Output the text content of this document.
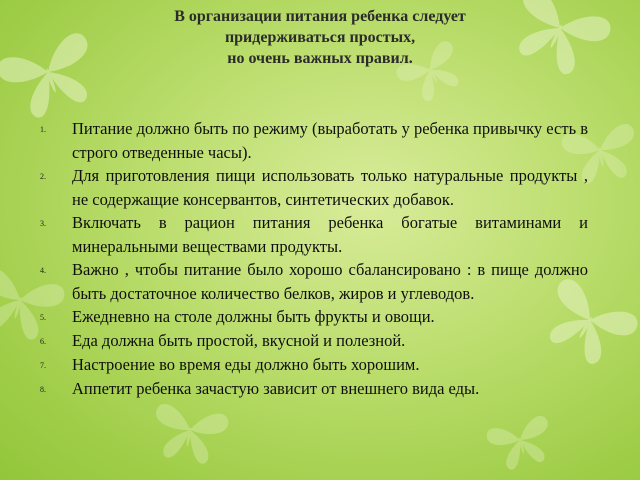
В организации питания ребенка следует
придерживаться простых,
но очень важных правил.
1.	Питание должно быть по режиму (выработать у ребенка привычку есть в строго отведенные часы).
2.	Для приготовления пищи использовать только натуральные продукты , не содержащие консервантов, синтетических добавок.
3.	Включать в рацион питания ребенка богатые витаминами и минеральными веществами продукты.
4.	Важно , чтобы питание было хорошо сбалансировано : в пище должно быть достаточное количество белков, жиров и углеводов.
5.	Ежедневно на столе должны быть фрукты и овощи.
6.	Еда должна быть простой, вкусной и полезной.
7.	Настроение во время еды должно быть хорошим.
8.	Аппетит ребенка зачастую зависит от внешнего вида еды.
